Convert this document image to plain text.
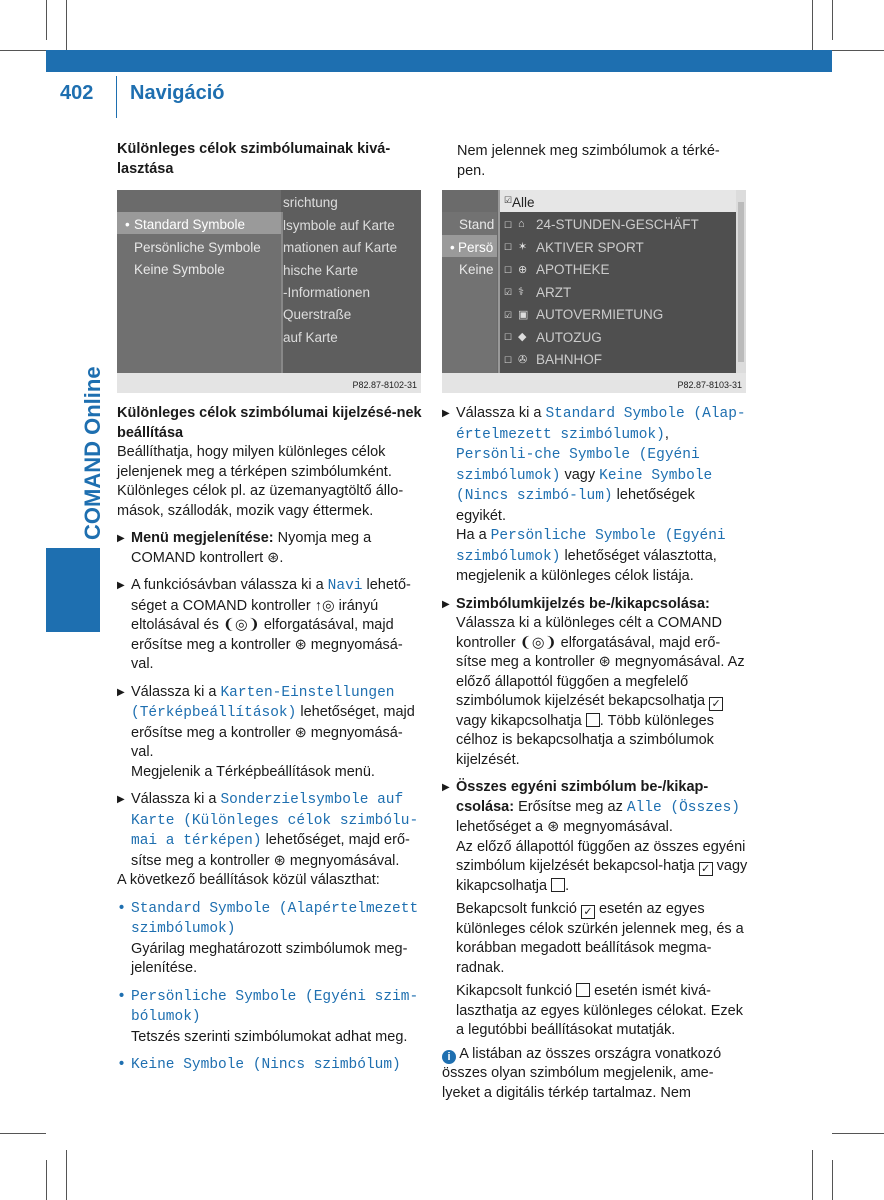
402 Navigáció
COMAND Online

Különleges célok szimbólumainak kivá-lasztása

srichtung
lsymbole auf Karte
mationen auf Karte
hische Karte
-Informationen
Querstraße
auf Karte
• Standard Symbole
Persönliche Symbole
Keine Symbole
P82.87-8102-31

Különleges célok szimbólumai kijelzésé-nek beállítása

Beállíthatja, hogy milyen különleges célok jelenjenek meg a térképen szimbólumként. Különleges célok pl. az üzemanyagtöltő állo-mások, szállodák, mozik vagy éttermek.

▶ Menü megjelenítése: Nyomja meg a COMAND kontrollert ⊛.

▶ A funkciósávban válassza ki a Navi lehető-séget a COMAND kontroller ↑◎ irányú eltolásával és ❨◎❩ elforgatásával, majd erősítse meg a kontroller ⊛ megnyomásá-val.

▶ Válassza ki a Karten-Einstellungen (Térképbeállítások) lehetőséget, majd erősítse meg a kontroller ⊛ megnyomásá-val.

Megjelenik a Térképbeállítások menü.

▶ Válassza ki a Sonderzielsymbole auf Karte (Különleges célok szimbólu-mai a térképen) lehetőséget, majd erő-sítse meg a kontroller ⊛ megnyomásával.

A következő beállítások közül választhat:

• Standard Symbole (Alapértelmezett szimbólumok)

Gyárilag meghatározott szimbólumok meg-jelenítése.

• Persönliche Symbole (Egyéni szim-bólumok)

Tetszés szerinti szimbólumokat adhat meg.

• Keine Symbole (Nincs szimbólum)

Nem jelennek meg szimbólumok a térké-pen.

Stand
Persö
•
Keine
☑ Alle
☐ ⌂ 24-STUNDEN-GESCHÄFT
☐ ✶ AKTIVER SPORT
☐ ⊕ APOTHEKE
☑ ⚕ ARZT
☑ ▣ AUTOVERMIETUNG
☐ ◆ AUTOZUG
☐ ✇ BAHNHOF
P82.87-8103-31

▶ Válassza ki a Standard Symbole (Alap-értelmezett szimbólumok), Persönli-che Symbole (Egyéni szimbólumok) vagy Keine Symbole (Nincs szimbó-lum) lehetőségek egyikét.

Ha a Persönliche Symbole (Egyéni szimbólumok) lehetőséget választotta, megjelenik a különleges célok listája.

▶ Szimbólumkijelzés be-/kikapcsolása: Válassza ki a különleges célt a COMAND kontroller ❨◎❩ elforgatásával, majd erő-sítse meg a kontroller ⊛ megnyomásával. Az előző állapottól függően a megfelelő szimbólumok kijelzését bekapcsolhatja ✓ vagy kikapcsolhatja . Több különleges célhoz is bekapcsolhatja a szimbólumok kijelzését.

▶ Összes egyéni szimbólum be-/kikap-csolása: Erősítse meg az Alle (Összes) lehetőséget a ⊛ megnyomásával.

Az előző állapottól függően az összes egyéni szimbólum kijelzését bekapcsol-hatja ✓ vagy kikapcsolhatja .

Bekapcsolt funkció ✓ esetén az egyes különleges célok szürkén jelennek meg, és a korábban megadott beállítások megma-radnak.

Kikapcsolt funkció esetén ismét kivá-laszthatja az egyes különleges célokat. Ezek a legutóbbi beállításokat mutatják.

i A listában az összes országra vonatkozó összes olyan szimbólum megjelenik, ame-lyeket a digitális térkép tartalmaz. Nem
